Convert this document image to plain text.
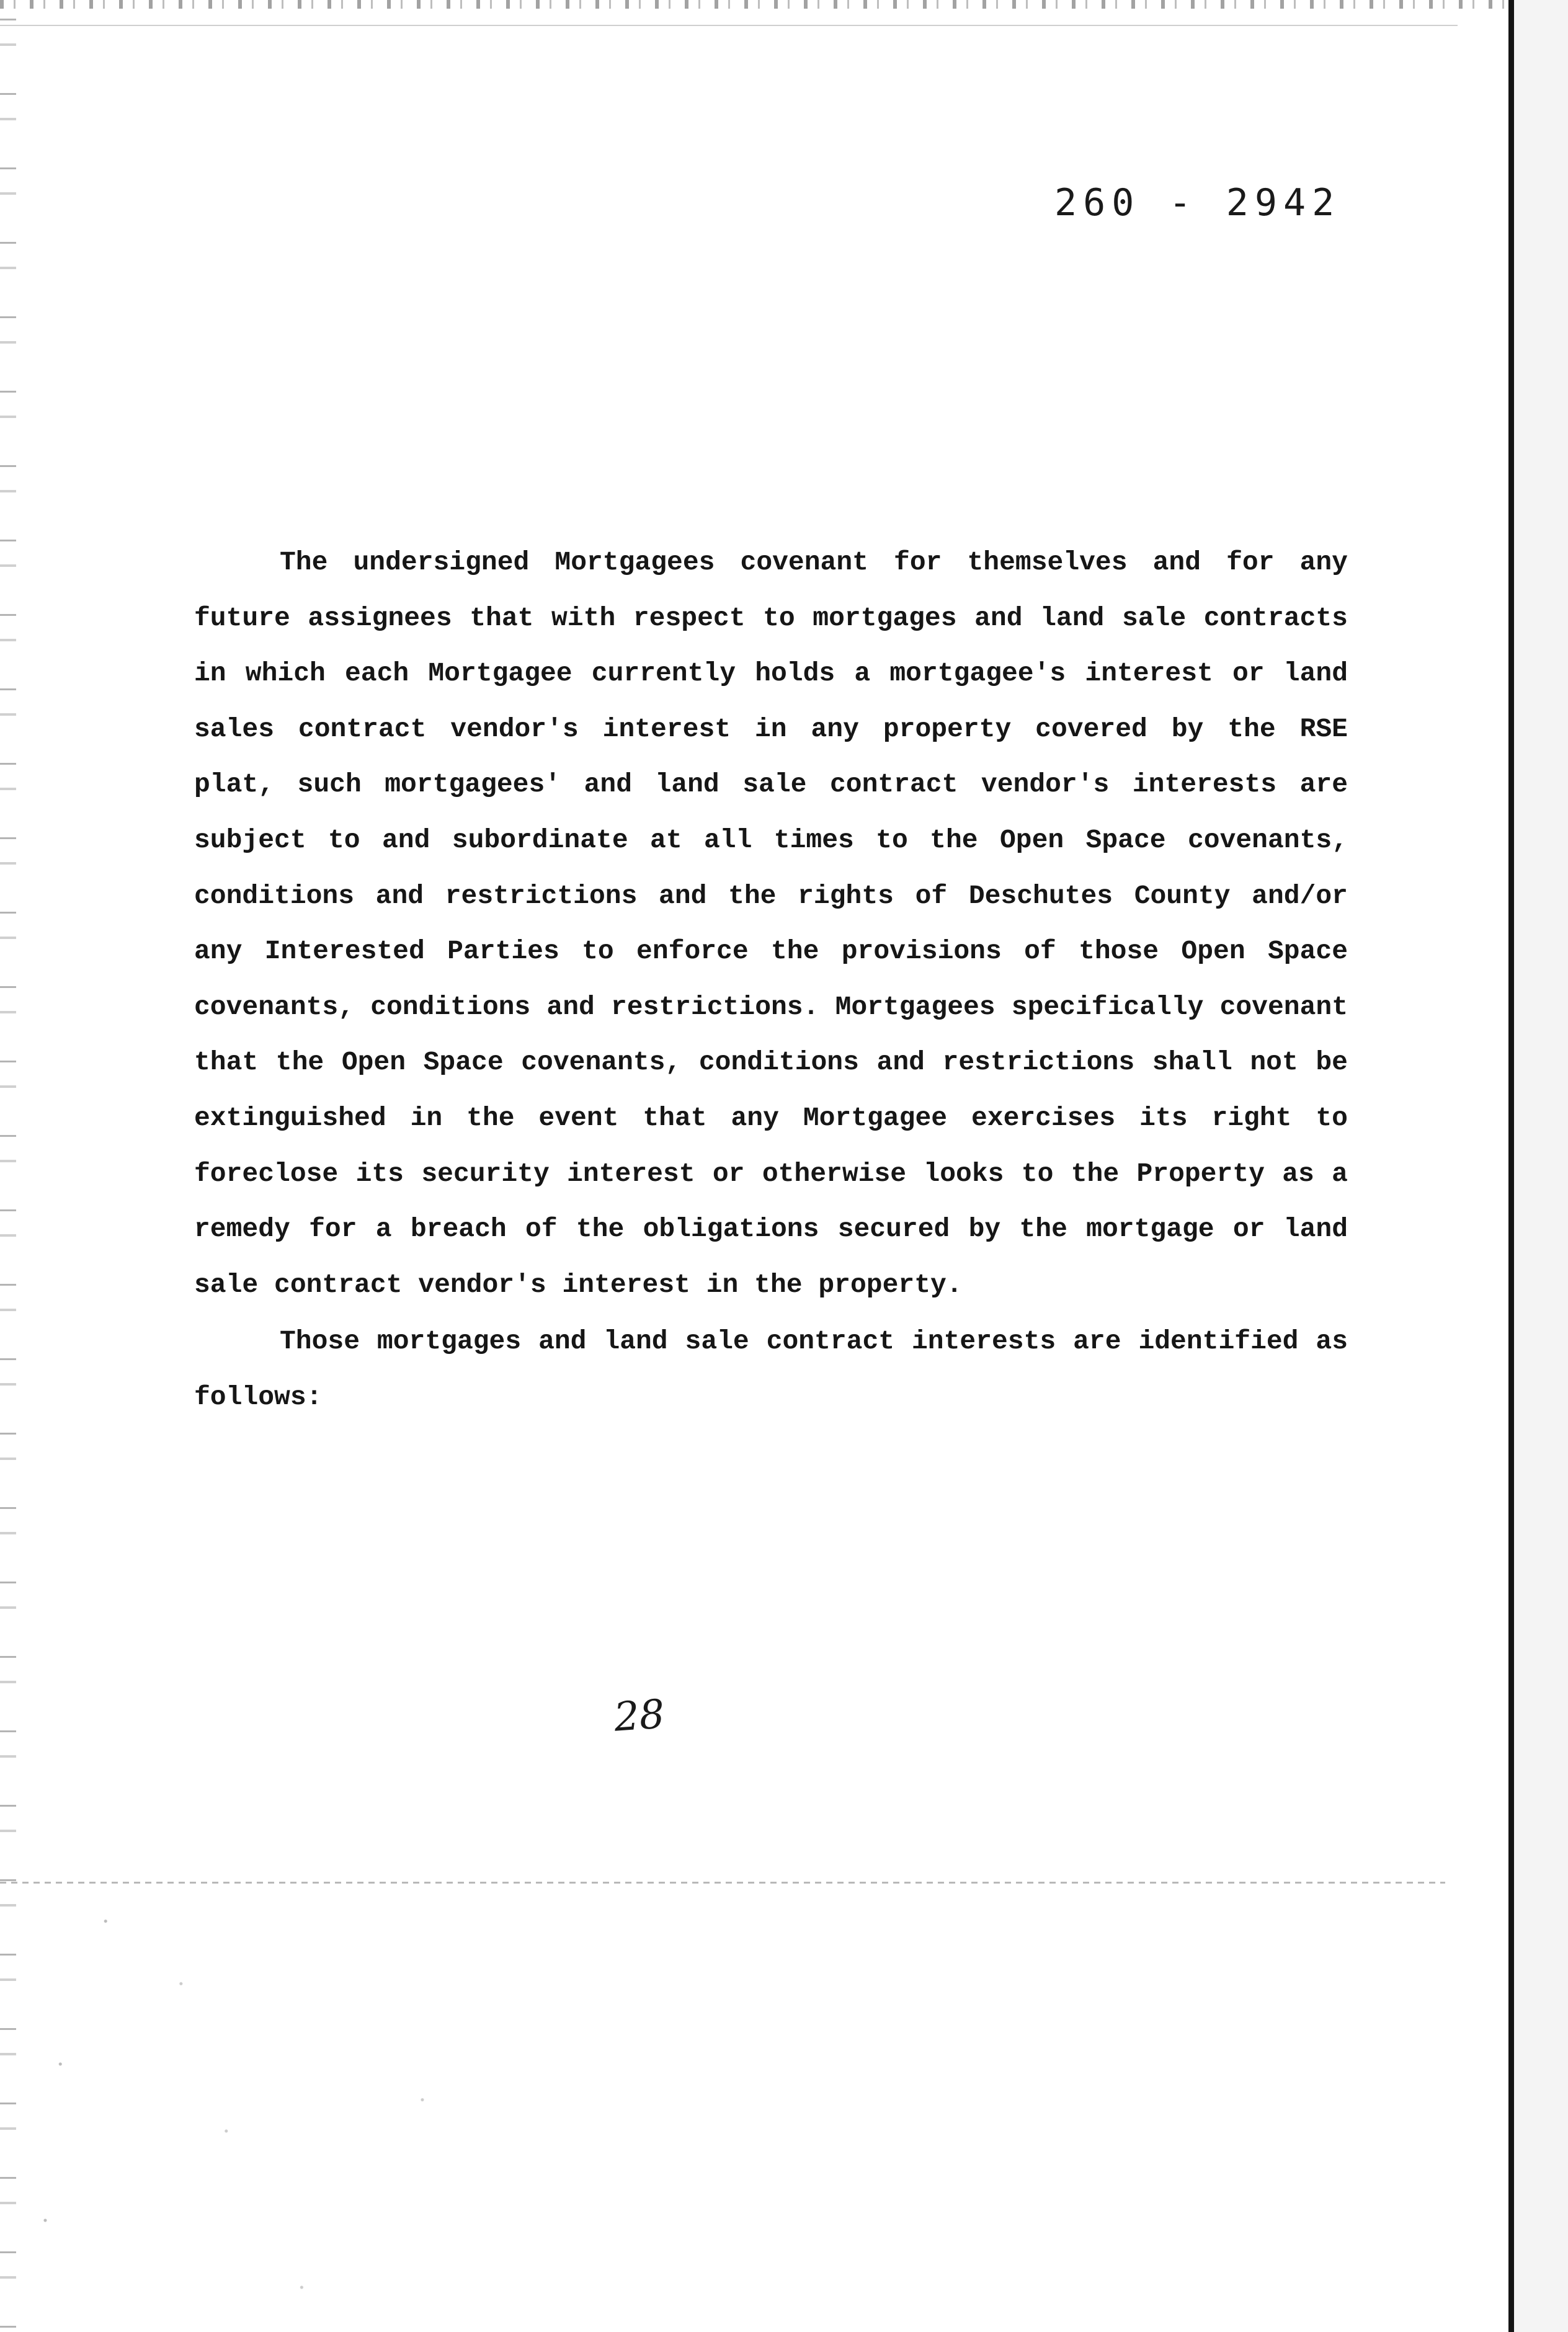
260 - 2942

The undersigned Mortgagees covenant for themselves and for any future assignees that with respect to mortgages and land sale contracts in which each Mortgagee currently holds a mortgagee's interest or land sales contract vendor's interest in any property covered by the RSE plat, such mortgagees' and land sale contract vendor's interests are subject to and subordinate at all times to the Open Space covenants, conditions and restrictions and the rights of Deschutes County and/or any Interested Parties to enforce the provisions of those Open Space covenants, conditions and restrictions. Mortgagees specifically covenant that the Open Space covenants, conditions and restrictions shall not be extinguished in the event that any Mortgagee exercises its right to foreclose its security interest or otherwise looks to the Property as a remedy for a breach of the obligations secured by the mortgage or land sale contract vendor's interest in the property.

Those mortgages and land sale contract interests are identified as follows:

28
